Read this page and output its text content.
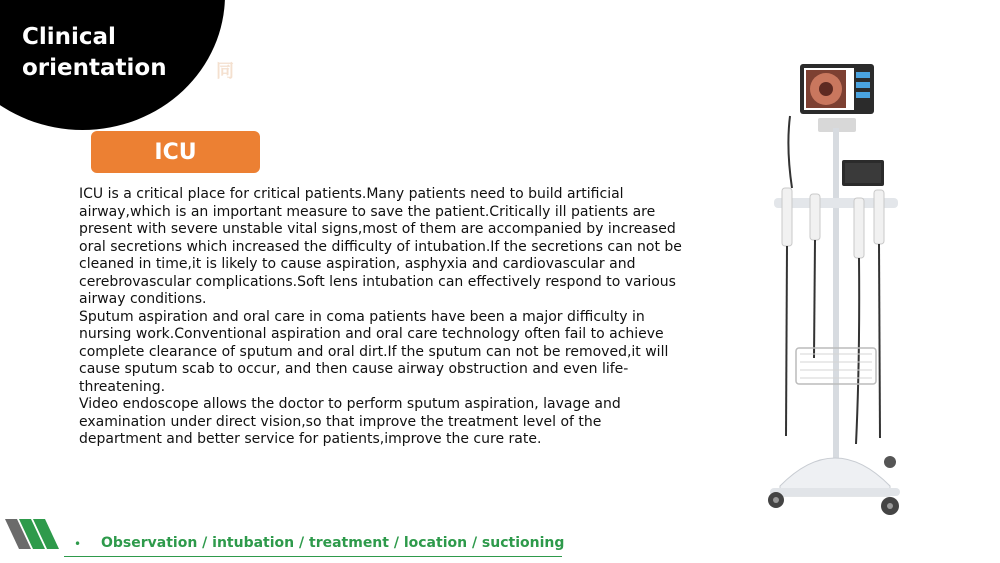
Clinical orientation	同
ICU

ICU is a critical place for critical patients.Many patients need to build artificial airway,which is an important measure to save the patient.Critically ill patients are present with severe unstable vital signs,most of them are accompanied by increased oral secretions which increased the difficulty of intubation.If the secretions can not be cleaned in time,it is likely to cause aspiration, asphyxia and cardiovascular and cerebrovascular complications.Soft lens intubation can effectively respond to various airway conditions.

Sputum aspiration and oral care in coma patients have been a major difficulty in nursing work.Conventional aspiration and oral care technology often fail to achieve complete clearance of sputum and oral dirt.If the sputum can not be removed,it will cause sputum scab to occur, and then cause airway obstruction and even life-threatening.

Video endoscope allows the doctor to perform sputum aspiration, lavage and examination under direct vision,so that improve the treatment level of the department and better service for patients,improve the cure rate.

• Observation / intubation / treatment / location / suctioning
